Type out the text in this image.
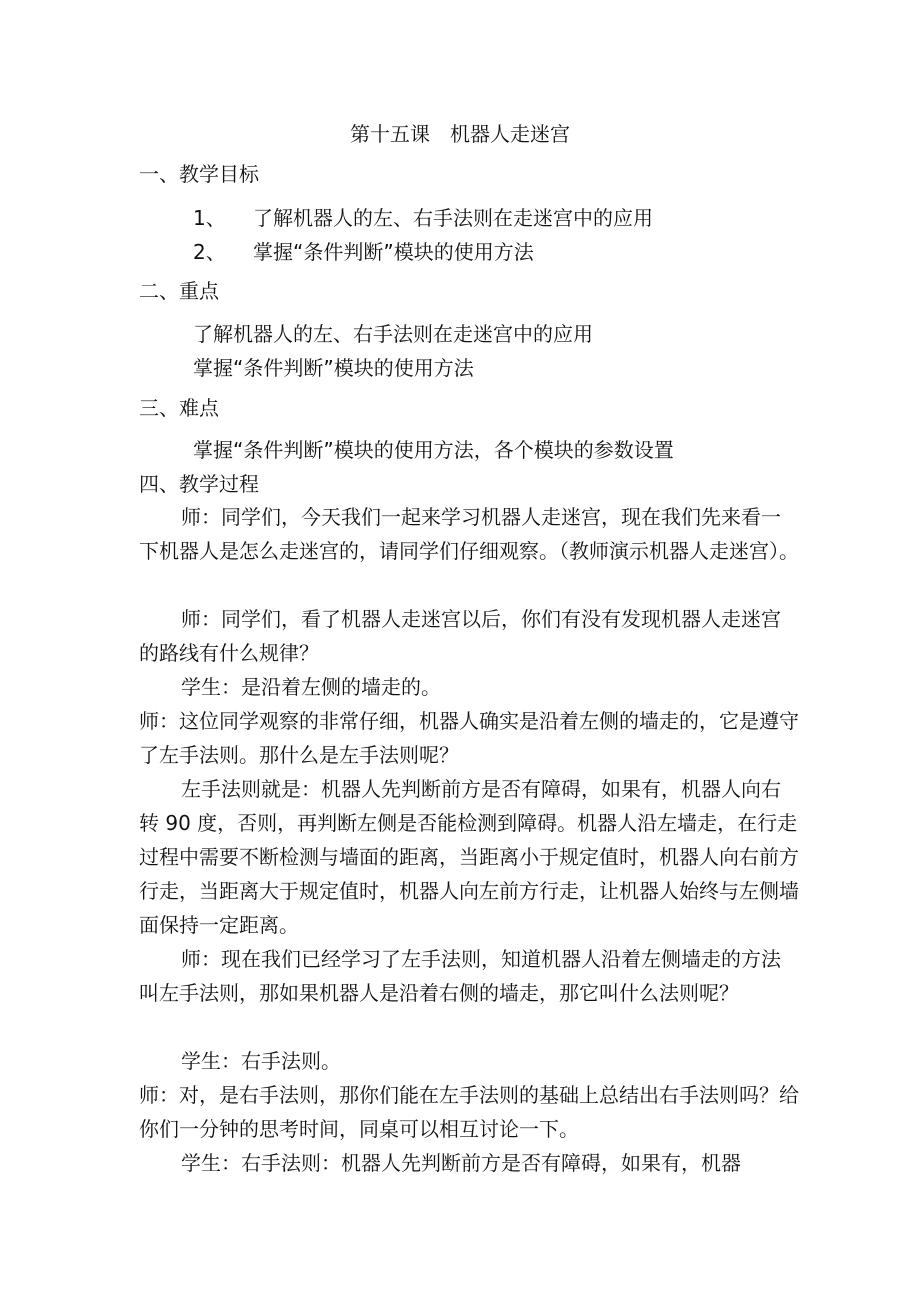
第十五课　机器人走迷宫
一、教学目标
1、 了解机器人的左、右手法则在走迷宫中的应用
2、 掌握“条件判断”模块的使用方法
二、重点
了解机器人的左、右手法则在走迷宫中的应用
掌握“条件判断”模块的使用方法
三、难点
掌握“条件判断”模块的使用方法，各个模块的参数设置
四、教学过程

师：同学们，今天我们一起来学习机器人走迷宫，现在我们先来看一下机器人是怎么走迷宫的，请同学们仔细观察。（教师演示机器人走迷宫）。

师：同学们，看了机器人走迷宫以后，你们有没有发现机器人走迷宫的路线有什么规律？

学生：是沿着左侧的墙走的。

师：这位同学观察的非常仔细，机器人确实是沿着左侧的墙走的，它是遵守了左手法则。那什么是左手法则呢？

左手法则就是：机器人先判断前方是否有障碍，如果有，机器人向右转 90 度，否则，再判断左侧是否能检测到障碍。机器人沿左墙走，在行走过程中需要不断检测与墙面的距离，当距离小于规定值时，机器人向右前方行走，当距离大于规定值时，机器人向左前方行走，让机器人始终与左侧墙面保持一定距离。

师：现在我们已经学习了左手法则，知道机器人沿着左侧墙走的方法叫左手法则，那如果机器人是沿着右侧的墙走，那它叫什么法则呢？

学生：右手法则。

师：对，是右手法则，那你们能在左手法则的基础上总结出右手法则吗？给你们一分钟的思考时间，同桌可以相互讨论一下。

学生：右手法则：机器人先判断前方是否有障碍，如果有，机器
